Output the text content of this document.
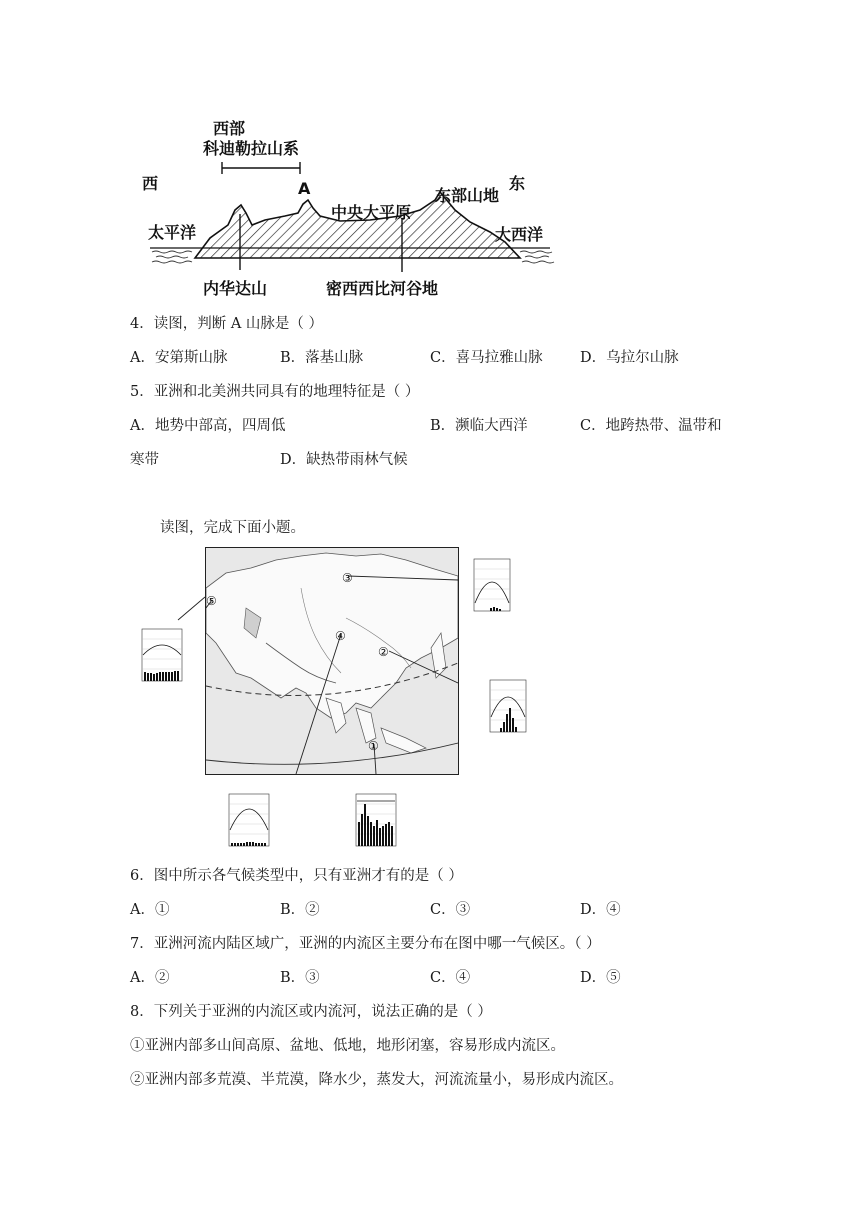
西部
科迪勒拉山系
西	A
中央大平原
东部山地
东
太平洋	大西洋
内华达山	密西西比河谷地
4．读图，判断 A 山脉是（ ）
A．安第斯山脉	B．落基山脉	C．喜马拉雅山脉	D．乌拉尔山脉
5．亚洲和北美洲共同具有的地理特征是（ ）
A．地势中部高，四周低	B．濒临大西洋	C．地跨热带、温带和
寒带	D．缺热带雨林气候
读图，完成下面小题。
③
②
④
①
⑤
6．图中所示各气候类型中，只有亚洲才有的是（ ）
A．①	B．②	C．③	D．④
7．亚洲河流内陆区域广，亚洲的内流区主要分布在图中哪一气候区。（ ）
A．②	B．③	C．④	D．⑤
8．下列关于亚洲的内流区或内流河，说法正确的是（ ）
①亚洲内部多山间高原、盆地、低地，地形闭塞，容易形成内流区。
②亚洲内部多荒漠、半荒漠，降水少，蒸发大，河流流量小，易形成内流区。
